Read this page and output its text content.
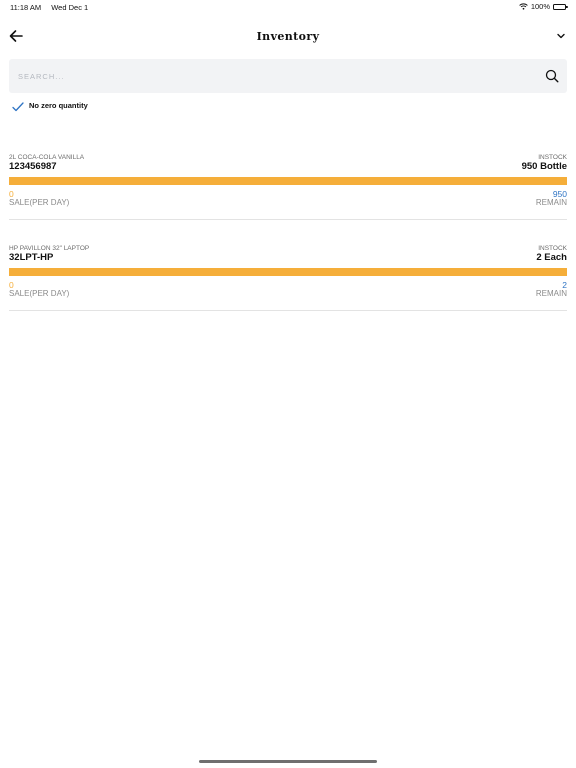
11:18 AM Wed Dec 1	100%
Inventory
SEARCH...
No zero quantity
2L COCA-COLA VANILLA
123456987
INSTOCK
950 Bottle
0
SALE(PER DAY)
950
REMAIN
HP PAVILLON 32" LAPTOP
32LPT-HP
INSTOCK
2 Each
0
SALE(PER DAY)
2
REMAIN
